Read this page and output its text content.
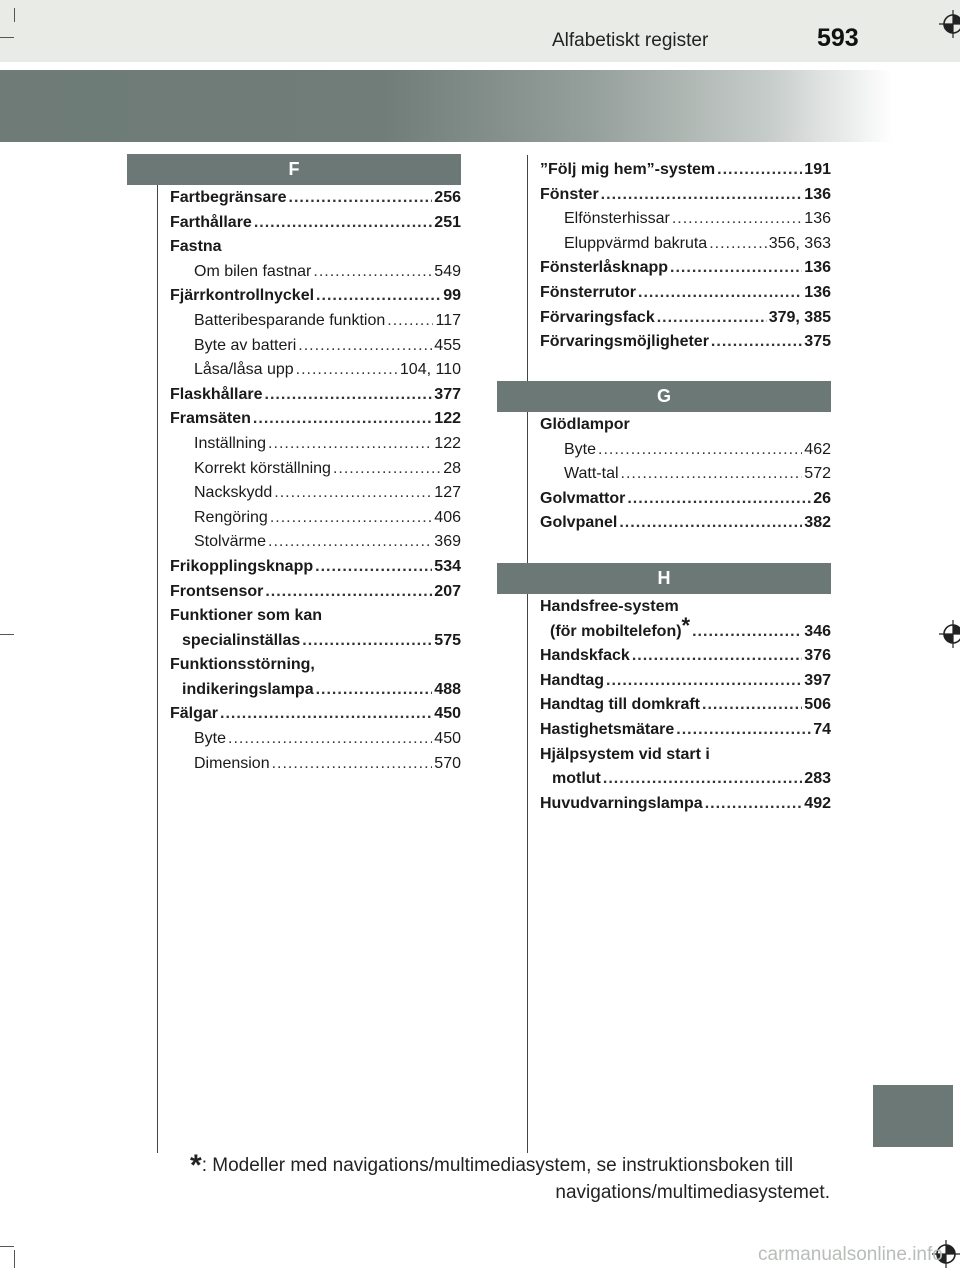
Alfabetiskt register	593
F
G
H
Fartbegränsare .....	256
Farthållare .....	251
Fastna
Om bilen fastnar .....	549
Fjärrkontrollnyckel .....	99
Batteribesparande funktion .....	117
Byte av batteri .....	455
Låsa/låsa upp .....	104, 110
Flaskhållare .....	377
Framsäten .....	122
Inställning .....	122
Korrekt körställning .....	28
Nackskydd .....	127
Rengöring .....	406
Stolvärme .....	369
Frikopplingsknapp .....	534
Frontsensor .....	207
Funktioner som kan
specialinställas .....	575
Funktionsstörning,
indikeringslampa .....	488
Fälgar .....	450
Byte .....	450
Dimension .....	570
”Följ mig hem”-system .....	191
Fönster .....	136
Elfönsterhissar .....	136
Eluppvärmd bakruta .....	356, 363
Fönsterlåsknapp .....	136
Fönsterrutor .....	136
Förvaringsfack .....	379, 385
Förvaringsmöjligheter .....	375
Glödlampor
Byte .....	462
Watt-tal .....	572
Golvmattor .....	26
Golvpanel .....	382
Handsfree-system
(för mobiltelefon) * .....	346
Handskfack .....	376
Handtag .....	397
Handtag till domkraft .....	506
Hastighetsmätare .....	74
Hjälpsystem vid start i
motlut .....	283
Huvudvarningslampa .....	492
*: Modeller med navigations/multimediasystem, se instruktionsboken till
navigations/multimediasystemet.
carmanualsonline.info
